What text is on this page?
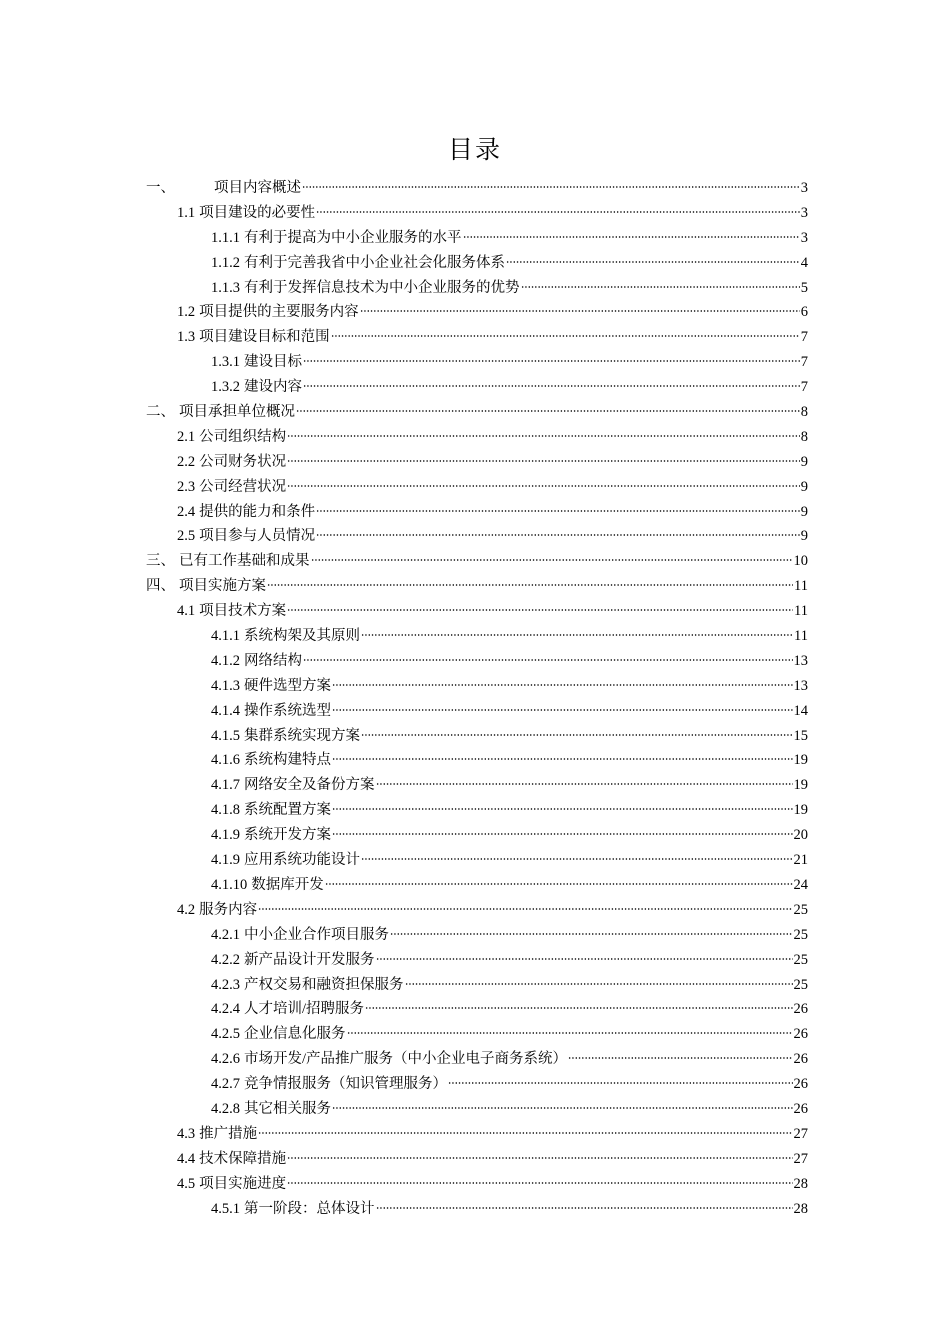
目录
一、	项目内容概述	3
1.1 项目建设的必要性	3
1.1.1 有利于提高为中小企业服务的水平	3
1.1.2 有利于完善我省中小企业社会化服务体系	4
1.1.3 有利于发挥信息技术为中小企业服务的优势	5
1.2 项目提供的主要服务内容	6
1.3 项目建设目标和范围	7
1.3.1 建设目标	7
1.3.2 建设内容	7
二、 项目承担单位概况	8
2.1 公司组织结构	8
2.2 公司财务状况	9
2.3 公司经营状况	9
2.4 提供的能力和条件	9
2.5 项目参与人员情况	9
三、 已有工作基础和成果	10
四、 项目实施方案	11
4.1 项目技术方案	11
4.1.1 系统构架及其原则	11
4.1.2 网络结构	13
4.1.3 硬件选型方案	13
4.1.4 操作系统选型	14
4.1.5 集群系统实现方案	15
4.1.6 系统构建特点	19
4.1.7 网络安全及备份方案	19
4.1.8 系统配置方案	19
4.1.9 系统开发方案	20
4.1.9 应用系统功能设计	21
4.1.10 数据库开发	24
4.2 服务内容	25
4.2.1 中小企业合作项目服务	25
4.2.2 新产品设计开发服务	25
4.2.3 产权交易和融资担保服务	25
4.2.4 人才培训/招聘服务	26
4.2.5 企业信息化服务	26
4.2.6 市场开发/产品推广服务（中小企业电子商务系统）	26
4.2.7 竞争情报服务（知识管理服务）	26
4.2.8 其它相关服务	26
4.3 推广措施	27
4.4 技术保障措施	27
4.5 项目实施进度	28
4.5.1 第一阶段：总体设计	28
